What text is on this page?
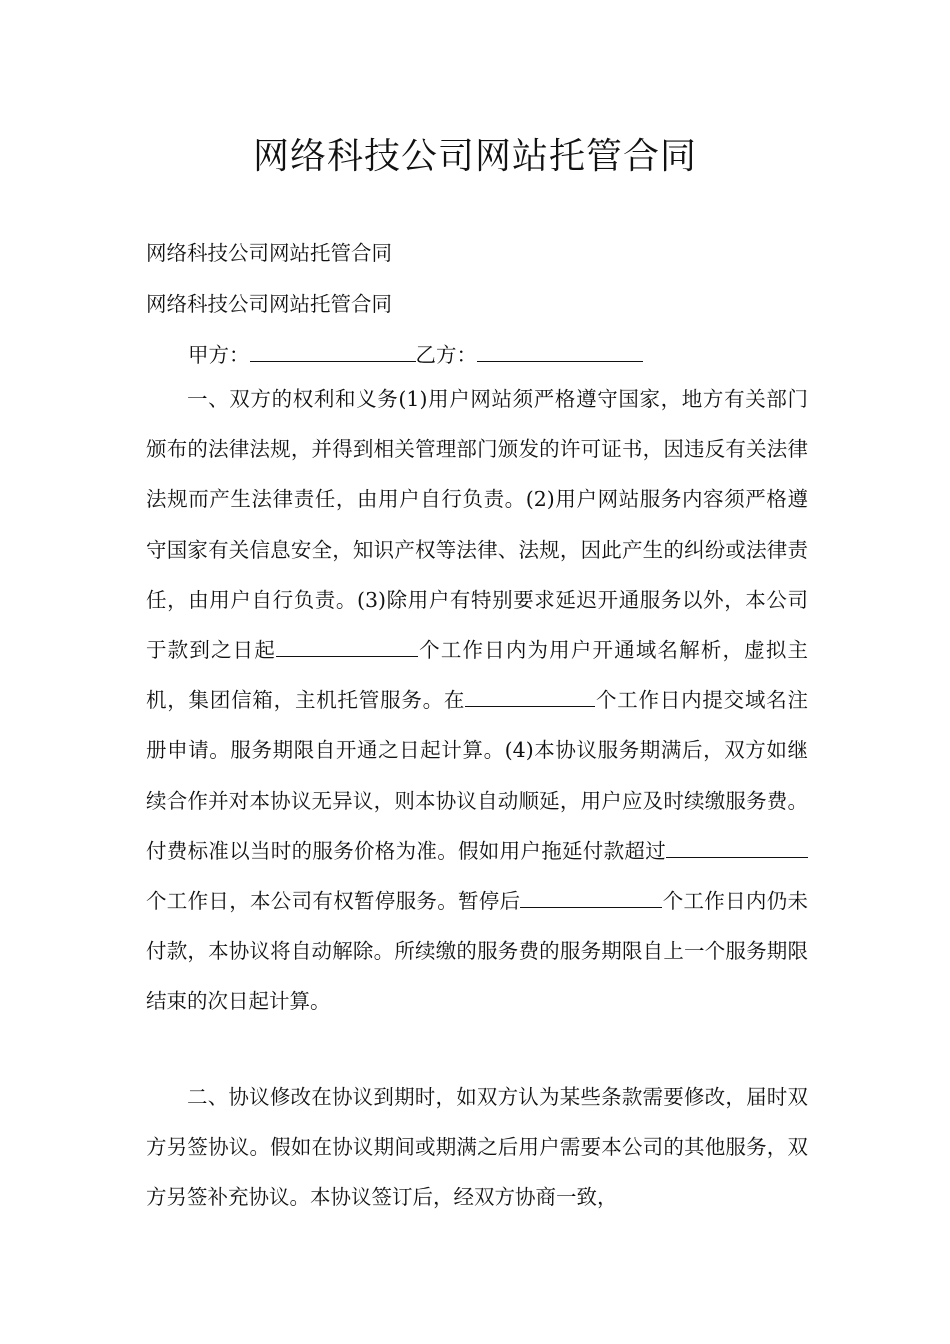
网络科技公司网站托管合同

网络科技公司网站托管合同

网络科技公司网站托管合同

甲方：	乙方：

一、双方的权利和义务(1)用户网站须严格遵守国家，地方有关部门颁布的法律法规，并得到相关管理部门颁发的许可证书，因违反有关法律法规而产生法律责任，由用户自行负责。(2)用户网站服务内容须严格遵守国家有关信息安全，知识产权等法律、法规，因此产生的纠纷或法律责任，由用户自行负责。(3)除用户有特别要求延迟开通服务以外，本公司于款到之日起	个工作日内为用户开通域名解析，虚拟主机，集团信箱，主机托管服务。在	个工作日内提交域名注册申请。服务期限自开通之日起计算。(4)本协议服务期满后，双方如继续合作并对本协议无异议，则本协议自动顺延，用户应及时续缴服务费。付费标准以当时的服务价格为准。假如用户拖延付款超过个工作日，本公司有权暂停服务。暂停后	个工作日内仍未付款，本协议将自动解除。所续缴的服务费的服务期限自上一个服务期限结束的次日起计算。

二、协议修改在协议到期时，如双方认为某些条款需要修改，届时双方另签协议。假如在协议期间或期满之后用户需要本公司的其他服务，双方另签补充协议。本协议签订后，经双方协商一致，
